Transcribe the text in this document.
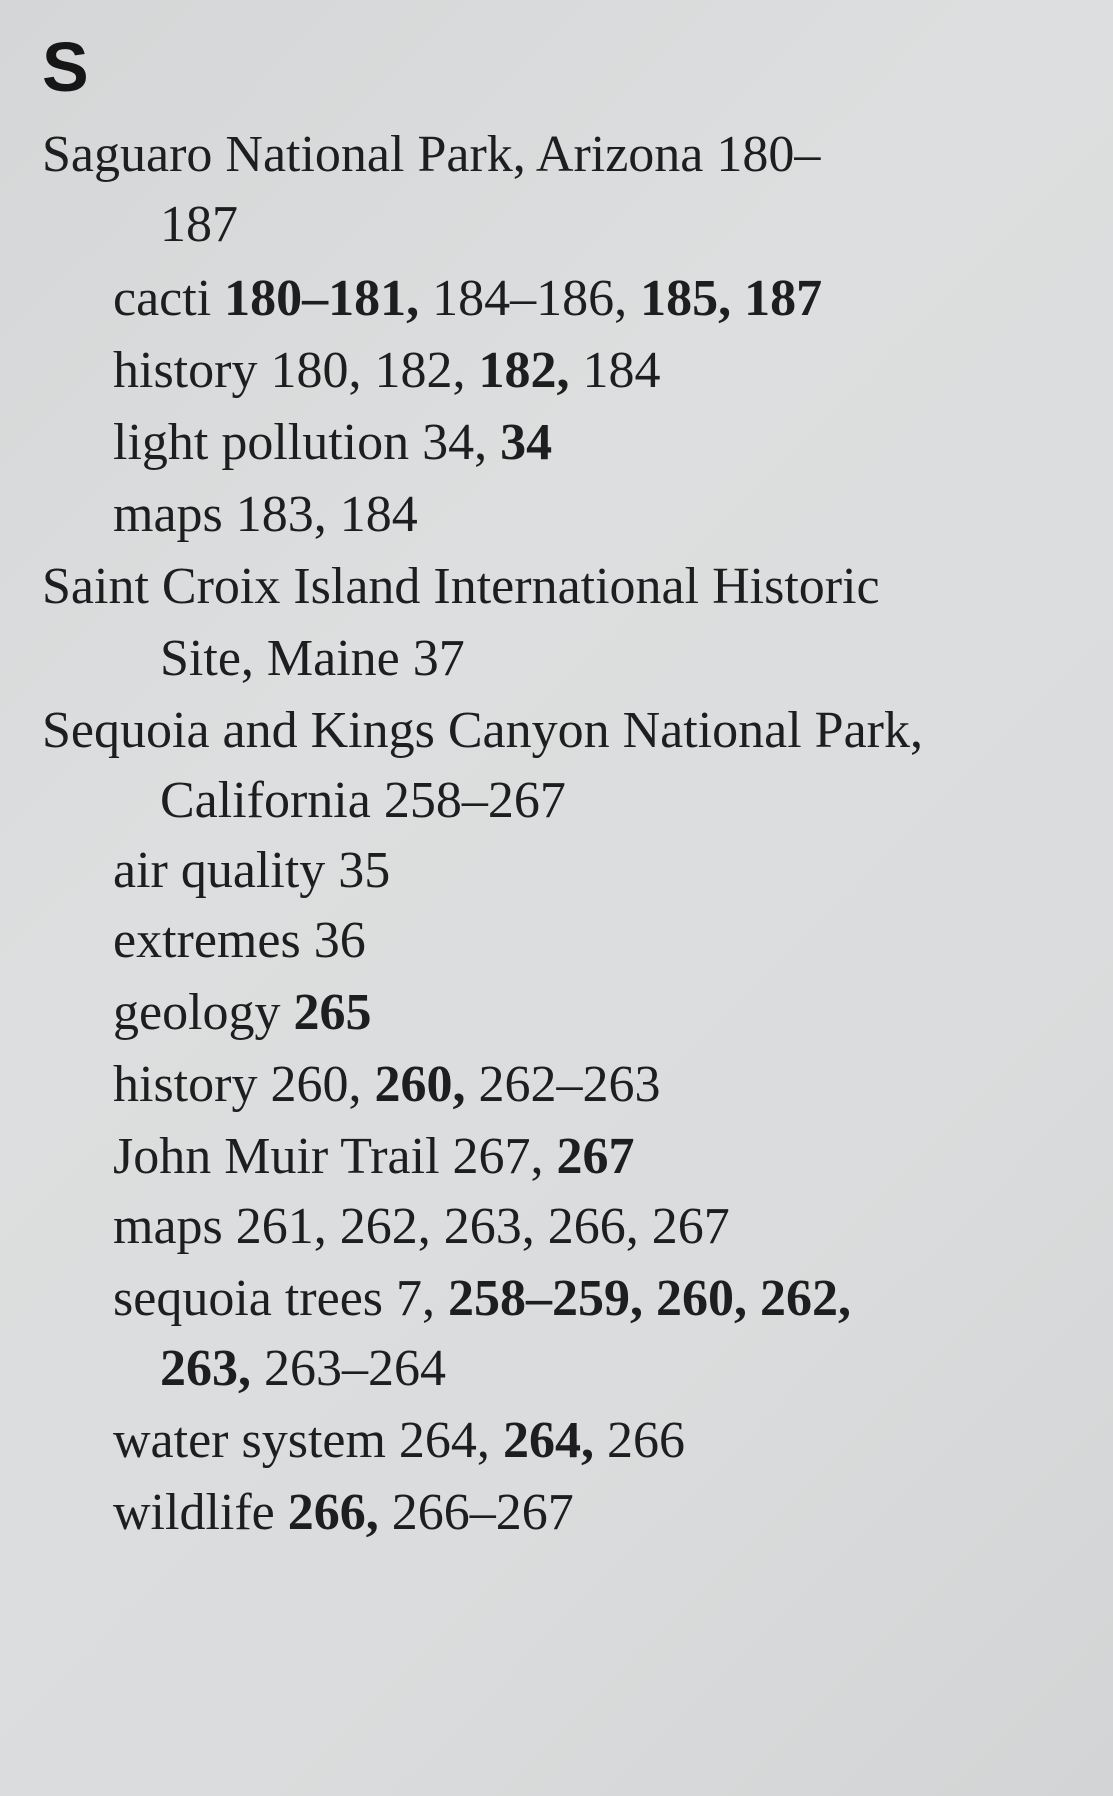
S
Saguaro National Park, Arizona 180–
187
cacti 180–181, 184–186, 185, 187
history 180, 182, 182, 184
light pollution 34, 34
maps 183, 184
Saint Croix Island International Historic
Site, Maine 37
Sequoia and Kings Canyon National Park,
California 258–267
air quality 35
extremes 36
geology 265
history 260, 260, 262–263
John Muir Trail 267, 267
maps 261, 262, 263, 266, 267
sequoia trees 7, 258–259, 260, 262,
263, 263–264
water system 264, 264, 266
wildlife 266, 266–267
